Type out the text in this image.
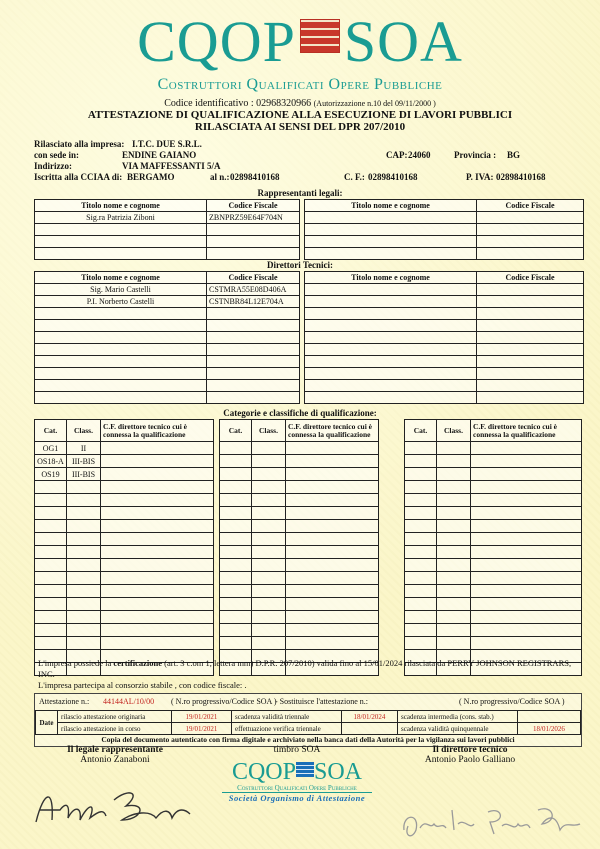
CQOP SOA
Costruttori Qualificati Opere Pubbliche
Codice identificativo : 02968320966 (Autorizzazione n.10 del 09/11/2000 )
ATTESTAZIONE DI QUALIFICAZIONE ALLA ESECUZIONE DI LAVORI PUBBLICI
RILASCIATA AI SENSI DEL DPR 207/2010
Rilasciato alla impresa: I.T.C. DUE S.R.L.
con sede in:	ENDINE GAIANO	CAP: 24060	Provincia : BG
Indirizzo:	VIA MAFFESSANTI 5/A
Iscritta alla CCIAA di: BERGAMO	al n.: 02898410168	C. F.: 02898410168	P. IVA: 02898410168
Rappresentanti legali:
Titolo nome e cognome	Codice Fiscale
Sig.ra Patrizia Ziboni	ZBNPRZ59E64F704N

Titolo nome e cognome	Codice Fiscale

Direttori Tecnici:
Titolo nome e cognome	Codice Fiscale
Sig. Mario Castelli	CSTMRA55E08D406A
P.I. Norberto Castelli	CSTNBR84L12E704A

Titolo nome e cognome	Codice Fiscale

Categorie e classifiche di qualificazione:
Cat.	Class.	C.F. direttore tecnico cui è connessa la qualificazione
OG1	II	
OS18-A	III-BIS	
OS19	III-BIS	

Cat.	Class.	C.F. direttore tecnico cui è connessa la qualificazione

			Cat.	Class.	C.F. direttore tecnico cui è connessa la qualificazione

L'impresa possiede la certificazione (art. 3 c.om 1, lettera mm) D.P.R. 207/2010) valida fino al 15/01/2024 rilasciata da PERRY JOHNSON REGISTRARS, INC.
L'impresa partecipa al consorzio stabile , con codice fiscale: .
Attestazione n.: 44144AL/10/00 ( N.ro progressivo/Codice SOA )
- Sostituisce l'attestazione n.:	( N.ro progressivo/Codice SOA )
Date	rilascio attestazione originaria	19/01/2021	scadenza validità triennale	18/01/2024	scadenza intermedia (cons. stab.)	
	rilascio attestazione in corso	19/01/2021	effettuazione verifica triennale		scadenza validità quinquennale	18/01/2026
Copia del documento autenticato con firma digitale e archiviato nella banca dati della Autorità per la vigilanza sui lavori pubblici
Il legale rappresentante
Antonio Zanaboni
timbro SOA	Il direttore tecnico
Antonio Paolo Galliano
CQOP SOA
Costruttori Qualificati Opere Pubbliche
Società Organismo di Attestazione
